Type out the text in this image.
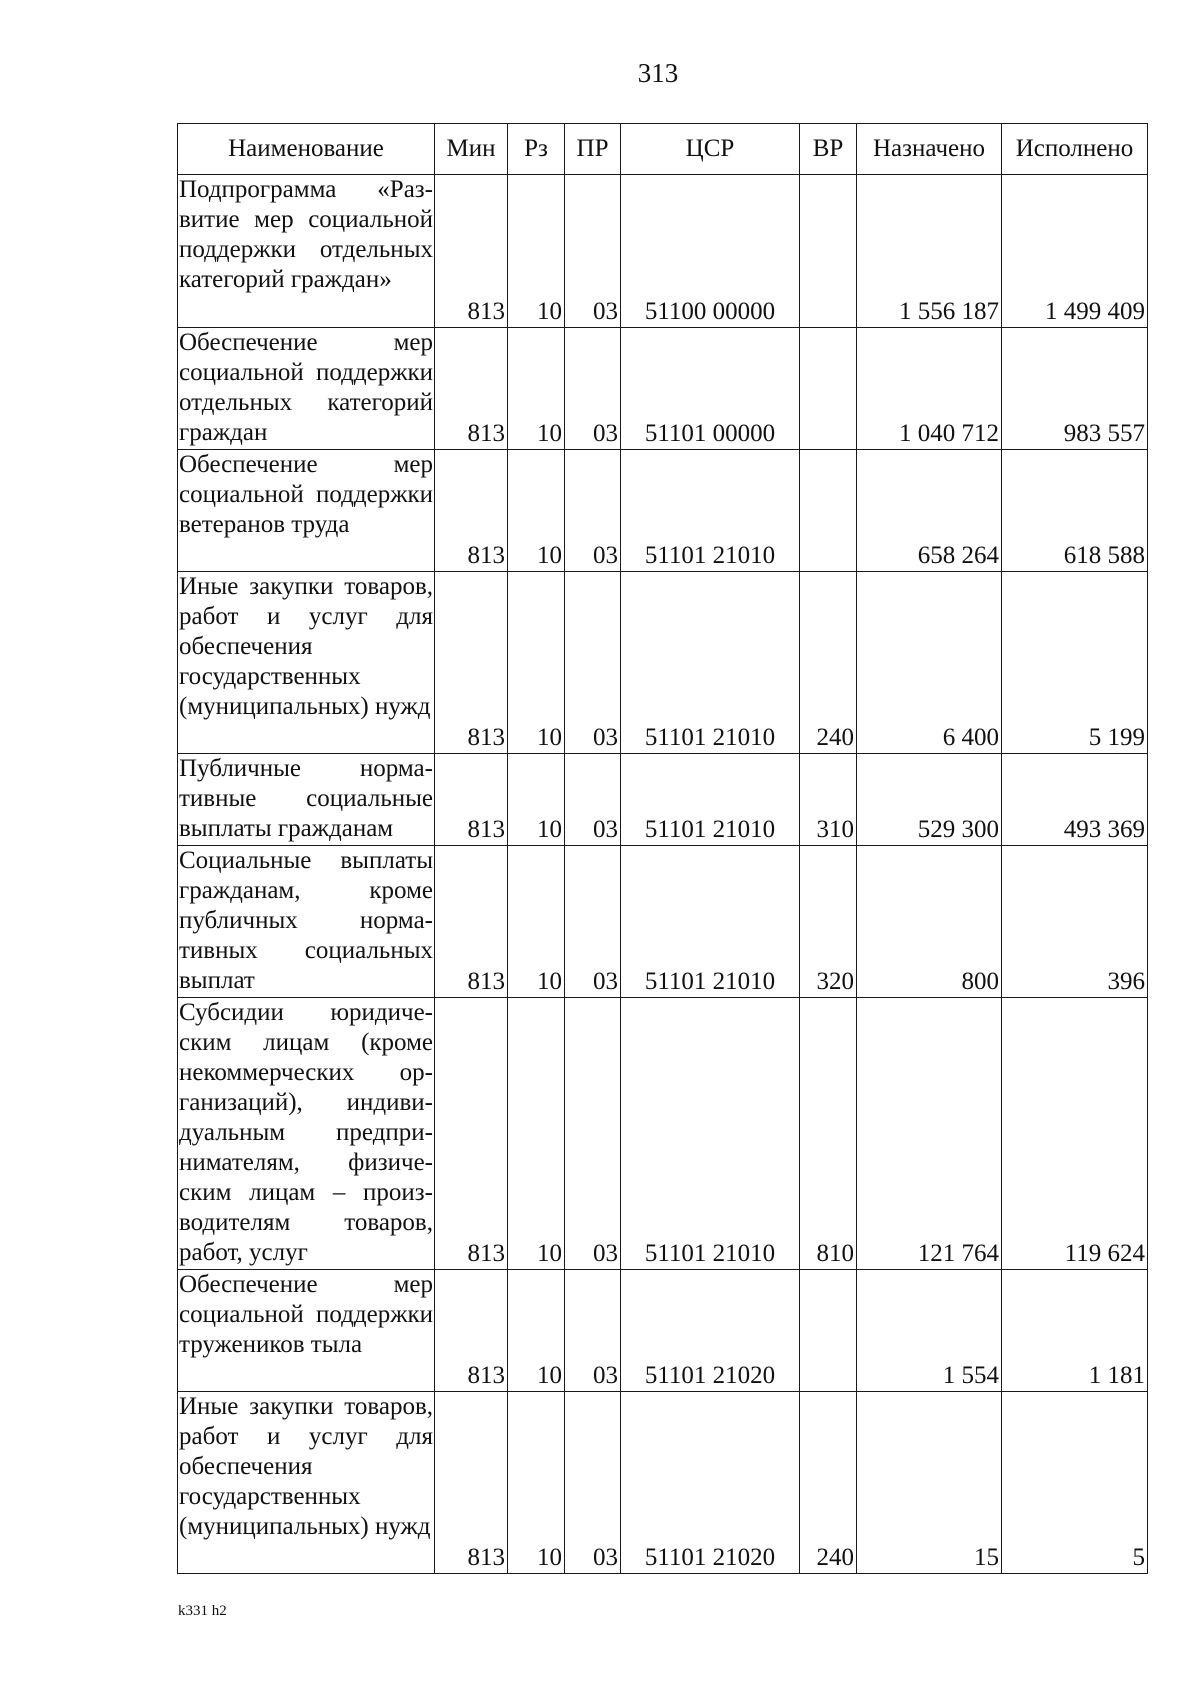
313
Наименование	Мин	Рз	ПР	ЦСР	ВР	Назначено	Исполнено
Подпрограмма «Развитие мер социальной поддержки отдельных категорий граждан»	813	10	03	51100 00000		1 556 187	1 499 409
Обеспечение мер социальной поддержки отдельных категорий граждан	813	10	03	51101 00000		1 040 712	983 557
Обеспечение мер социальной поддержки ветеранов труда	813	10	03	51101 21010		658 264	618 588
Иные закупки товаров, работ и услуг для обеспечения государственных (муниципальных) нужд	813	10	03	51101 21010	240	6 400	5 199
Публичные нормативные социальные выплаты гражданам	813	10	03	51101 21010	310	529 300	493 369
Социальные выплаты гражданам, кроме публичных нормативных социальных выплат	813	10	03	51101 21010	320	800	396
Субсидии юридическим лицам (кроме некоммерческих организаций), индивидуальным предпринимателям, физическим лицам – производителям товаров, работ, услуг	813	10	03	51101 21010	810	121 764	119 624
Обеспечение мер социальной поддержки тружеников тыла	813	10	03	51101 21020		1 554	1 181
Иные закупки товаров, работ и услуг для обеспечения государственных (муниципальных) нужд	813	10	03	51101 21020	240	15	5
k331 h2
